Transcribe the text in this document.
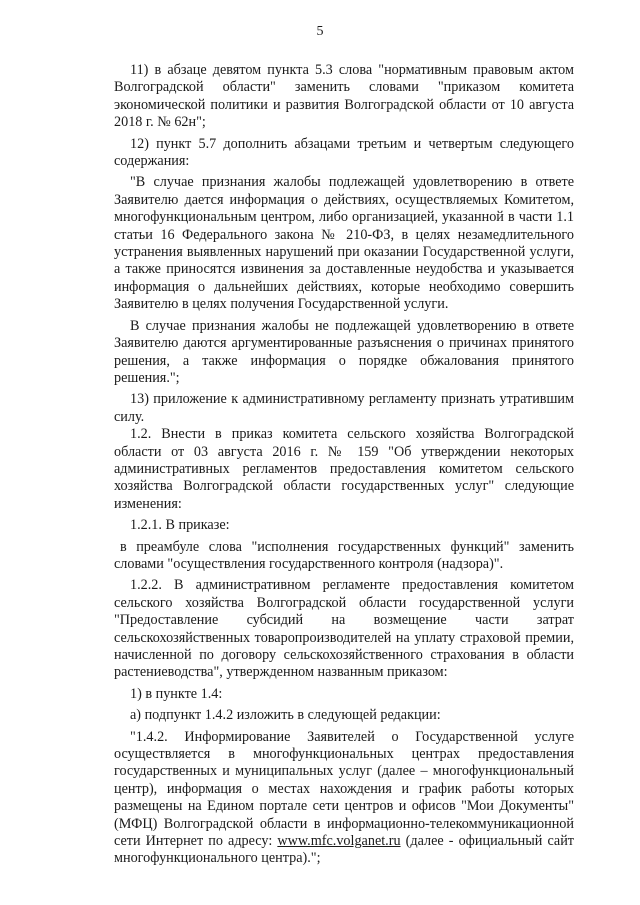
5

11) в абзаце девятом пункта 5.3 слова "нормативным правовым актом Волгоградской области" заменить словами "приказом комитета экономической политики и развития Волгоградской области от 10 августа 2018 г. № 62н";

12) пункт 5.7 дополнить абзацами третьим и четвертым следующего содержания:

"В случае признания жалобы подлежащей удовлетворению в ответе Заявителю дается информация о действиях, осуществляемых Комитетом, многофункциональным центром, либо организацией, указанной в части 1.1 статьи 16 Федерального закона № 210-ФЗ, в целях незамедлительного устранения выявленных нарушений при оказании Государственной услуги, а также приносятся извинения за доставленные неудобства и указывается информация о дальнейших действиях, которые необходимо совершить Заявителю в целях получения Государственной услуги.

В случае признания жалобы не подлежащей удовлетворению в ответе Заявителю даются аргументированные разъяснения о причинах принятого решения, а также информация о порядке обжалования принятого решения.";

13) приложение к административному регламенту признать утратившим силу.

1.2. Внести в приказ комитета сельского хозяйства Волгоградской области от 03 августа 2016 г. № 159 "Об утверждении некоторых административных регламентов предоставления комитетом сельского хозяйства Волгоградской области государственных услуг" следующие изменения:

1.2.1. В приказе:

в преамбуле слова "исполнения государственных функций" заменить словами "осуществления государственного контроля (надзора)".

1.2.2. В административном регламенте предоставления комитетом сельского хозяйства Волгоградской области государственной услуги "Предоставление субсидий на возмещение части затрат сельскохозяйственных товаропроизводителей на уплату страховой премии, начисленной по договору сельскохозяйственного страхования в области растениеводства", утвержденном названным приказом:

1) в пункте 1.4:

а) подпункт 1.4.2 изложить в следующей редакции:

"1.4.2. Информирование Заявителей о Государственной услуге осуществляется в многофункциональных центрах предоставления государственных и муниципальных услуг (далее – многофункциональный центр), информация о местах нахождения и график работы которых размещены на Едином портале сети центров и офисов "Мои Документы" (МФЦ) Волгоградской области в информационно-телекоммуникационной сети Интернет по адресу: www.mfc.volganet.ru (далее - официальный сайт многофункционального центра).";
